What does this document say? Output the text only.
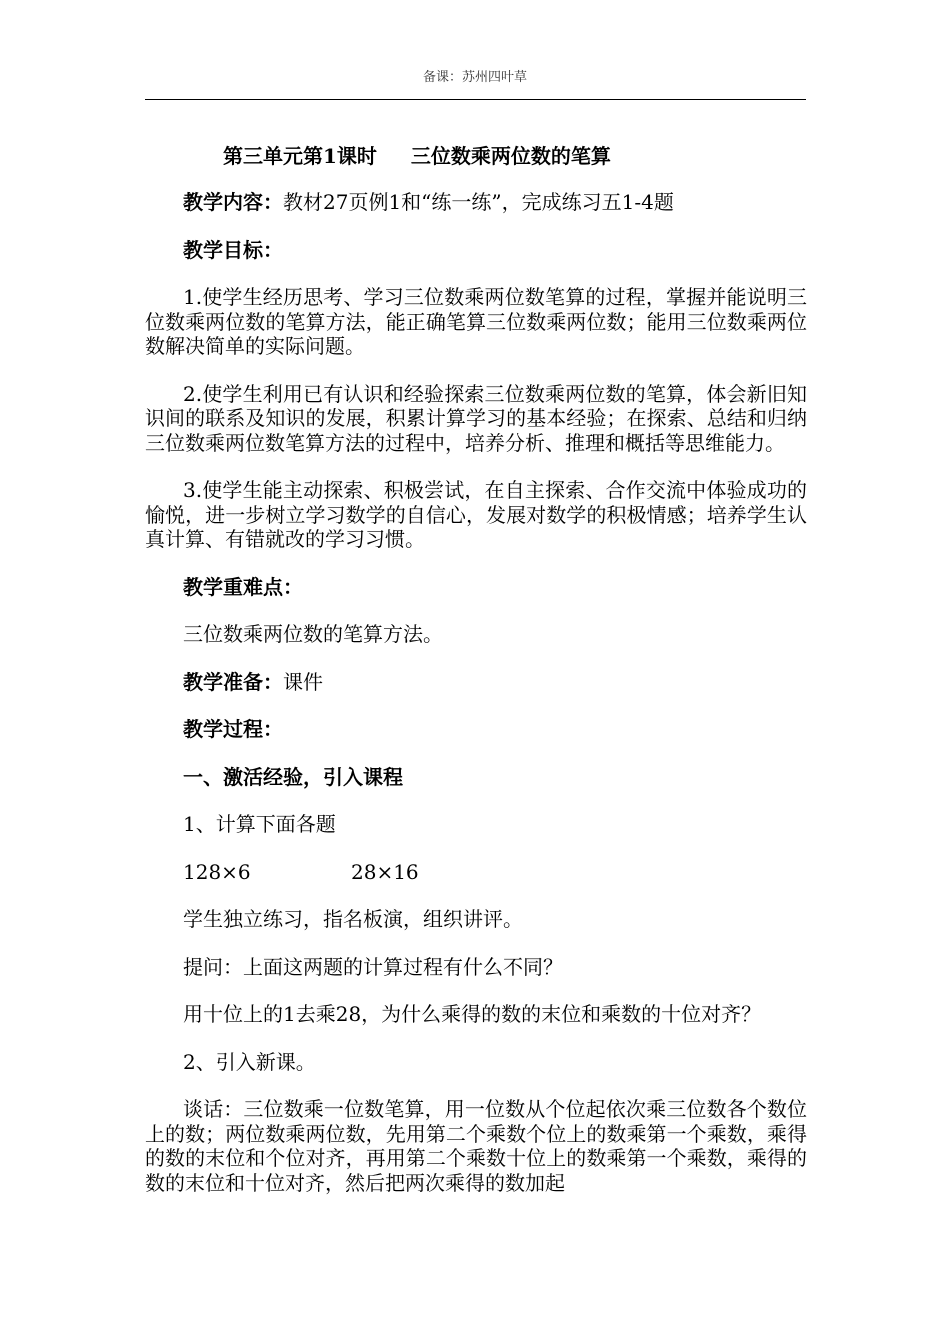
备课：苏州四叶草
第三单元第1课时 三位数乘两位数的笔算

教学内容：教材27页例1和“练一练”，完成练习五1-4题

教学目标：

1.使学生经历思考、学习三位数乘两位数笔算的过程，掌握并能说明三位数乘两位数的笔算方法，能正确笔算三位数乘两位数；能用三位数乘两位数解决简单的实际问题。

2.使学生利用已有认识和经验探索三位数乘两位数的笔算，体会新旧知识间的联系及知识的发展，积累计算学习的基本经验；在探索、总结和归纳三位数乘两位数笔算方法的过程中，培养分析、推理和概括等思维能力。

3.使学生能主动探索、积极尝试，在自主探索、合作交流中体验成功的愉悦，进一步树立学习数学的自信心，发展对数学的积极情感；培养学生认真计算、有错就改的学习习惯。

教学重难点：

三位数乘两位数的笔算方法。

教学准备：课件

教学过程：

一、激活经验，引入课程

1、计算下面各题

128×6	28×16

学生独立练习，指名板演，组织讲评。

提问：上面这两题的计算过程有什么不同？

用十位上的1去乘28，为什么乘得的数的末位和乘数的十位对齐？

2、引入新课。

谈话：三位数乘一位数笔算，用一位数从个位起依次乘三位数各个数位上的数；两位数乘两位数，先用第二个乘数个位上的数乘第一个乘数，乘得的数的末位和个位对齐，再用第二个乘数十位上的数乘第一个乘数，乘得的数的末位和十位对齐，然后把两次乘得的数加起
